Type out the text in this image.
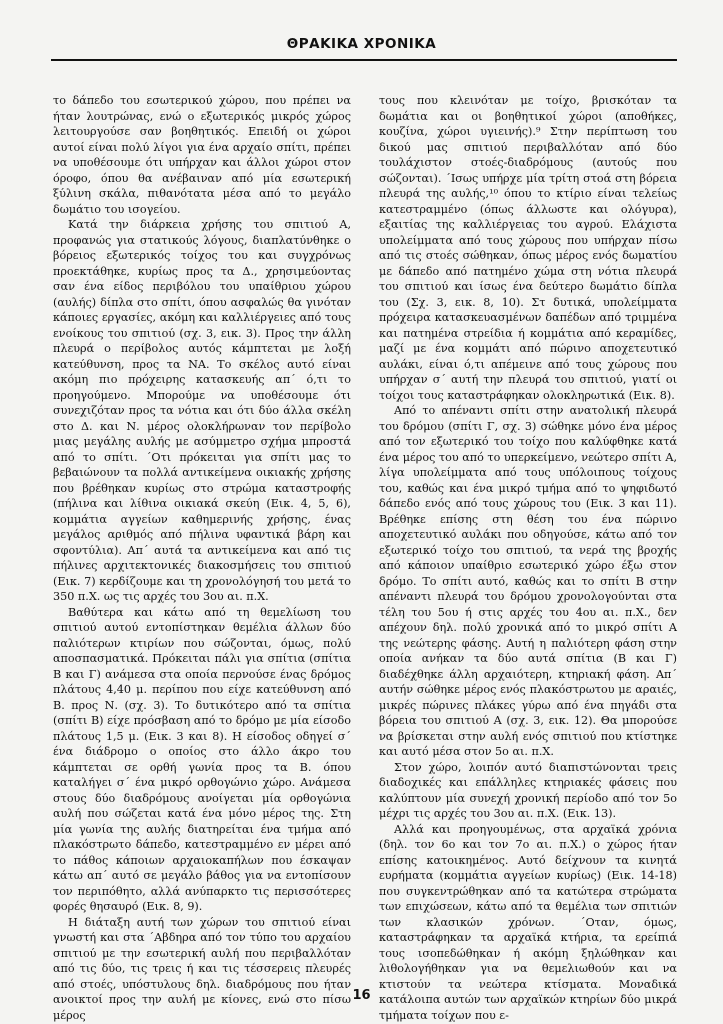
ΘΡΑΚΙΚΑ ΧΡΟΝΙΚΑ

το δάπεδο του εσωτερικού χώρου, που πρέπει να ήταν λουτρώνας, ενώ ο εξωτερικός μικρός χώρος λειτουργούσε σαν βοηθητικός. Επειδή οι χώροι αυτοί είναι πολύ λίγοι για ένα αρχαίο σπίτι, πρέπει να υποθέσουμε ότι υπήρχαν και άλλοι χώροι στον όροφο, όπου θα ανέβαιναν από μία εσωτερική ξύλινη σκάλα, πιθανότατα μέσα από το μεγάλο δωμάτιο του ισογείου.

Κατά την διάρκεια χρήσης του σπιτιού Α, προφανώς για στατικούς λόγους, διαπλατύνθηκε ο βόρειος εξωτερικός τοίχος του και συγχρόνως προεκτάθηκε, κυρίως προς τα Δ., χρησιμεύοντας σαν ένα είδος περιβόλου του υπαίθριου χώρου (αυλής) δίπλα στο σπίτι, όπου ασφαλώς θα γινόταν κάποιες εργασίες, ακόμη και καλλιέργειες από τους ενοίκους του σπιτιού (σχ. 3, εικ. 3). Προς την άλλη πλευρά ο περίβολος αυτός κάμπτεται με λοξή κατεύθυνση, προς τα ΝΑ. Το σκέλος αυτό είναι ακόμη πιο πρόχειρης κατασκευής απ΄ ό,τι το προηγούμενο. Μπορούμε να υποθέσουμε ότι συνεχιζόταν προς τα νότια και ότι δύο άλλα σκέλη στο Δ. και Ν. μέρος ολοκλήρωναν τον περίβολο μιας μεγάλης αυλής με ασύμμετρο σχήμα μπροστά από το σπίτι. ΄Οτι πρόκειται για σπίτι μας το βεβαιώνουν τα πολλά αντικείμενα οικιακής χρήσης που βρέθηκαν κυρίως στο στρώμα καταστροφής (πήλινα και λίθινα οικιακά σκεύη (Εικ. 4, 5, 6), κομμάτια αγγείων καθημερινής χρήσης, ένας μεγάλος αριθμός από πήλινα υφαντικά βάρη και σφοντύλια). Απ΄ αυτά τα αντικείμενα και από τις πήλινες αρχιτεκτονικές διακοσμήσεις του σπιτιού (Εικ. 7) κερδίζουμε και τη χρονολόγησή του μετά το 350 π.Χ. ως τις αρχές του 3ου αι. π.Χ.

Βαθύτερα και κάτω από τη θεμελίωση του σπιτιού αυτού εντοπίστηκαν θεμέλια άλλων δύο παλιότερων κτιρίων που σώζονται, όμως, πολύ αποσπασματικά. Πρόκειται πάλι για σπίτια (σπίτια Β και Γ) ανάμεσα στα οποία περνούσε ένας δρόμος πλάτους 4,40 μ. περίπου που είχε κατεύθυνση από Β. προς Ν. (σχ. 3). Το δυτικότερο από τα σπίτια (σπίτι Β) είχε πρόσβαση από το δρόμο με μία είσοδο πλάτους 1,5 μ. (Εικ. 3 και 8). Η είσοδος οδηγεί σ΄ ένα διάδρομο ο οποίος στο άλλο άκρο του κάμπτεται σε ορθή γωνία προς τα Β. όπου καταλήγει σ΄ ένα μικρό ορθογώνιο χώρο. Ανάμεσα στους δύο διαδρόμους ανοίγεται μία ορθογώνια αυλή που σώζεται κατά ένα μόνο μέρος της. Στη μία γωνία της αυλής διατηρείται ένα τμήμα από πλακόστρωτο δάπεδο, κατεστραμμένο εν μέρει από το πάθος κάποιων αρχαιοκαπήλων που έσκαψαν κάτω απ΄ αυτό σε μεγάλο βάθος για να εντοπίσουν τον περιπόθητο, αλλά ανύπαρκτο τις περισσότερες φορές θησαυρό (Εικ. 8, 9).

Η διάταξη αυτή των χώρων του σπιτιού είναι γνωστή και στα ΄Αβδηρα από τον τύπο του αρχαίου σπιτιού με την εσωτερική αυλή που περιβαλλόταν από τις δύο, τις τρεις ή και τις τέσσερεις πλευρές από στοές, υπόστυλους δηλ. διαδρόμους που ήταν ανοικτοί προς την αυλή με κίονες, ενώ στο πίσω μέρος

τους που κλεινόταν με τοίχο, βρισκόταν τα δωμάτια και οι βοηθητικοί χώροι (αποθήκες, κουζίνα, χώροι υγιεινής).⁹ Στην περίπτωση του δικού μας σπιτιού περιβαλλόταν από δύο τουλάχιστον στοές-διαδρόμους (αυτούς που σώζονται). ΄Ισως υπήρχε μία τρίτη στοά στη βόρεια πλευρά της αυλής,¹⁰ όπου το κτίριο είναι τελείως κατεστραμμένο (όπως άλλωστε και ολόγυρα), εξαιτίας της καλλιέργειας του αγρού. Ελάχιστα υπολείμματα από τους χώρους που υπήρχαν πίσω από τις στοές σώθηκαν, όπως μέρος ενός δωματίου με δάπεδο από πατημένο χώμα στη νότια πλευρά του σπιτιού και ίσως ένα δεύτερο δωμάτιο δίπλα του (Σχ. 3, εικ. 8, 10). Στ δυτικά, υπολείμματα πρόχειρα κατασκευασμένων δαπέδων από τριμμένα και πατημένα στρείδια ή κομμάτια από κεραμίδες, μαζί με ένα κομμάτι από πώρινο αποχετευτικό αυλάκι, είναι ό,τι απέμεινε από τους χώρους που υπήρχαν σ΄ αυτή την πλευρά του σπιτιού, γιατί οι τοίχοι τους καταστράφηκαν ολοκληρωτικά (Εικ. 8).

Από το απέναντι σπίτι στην ανατολική πλευρά του δρόμου (σπίτι Γ, σχ. 3) σώθηκε μόνο ένα μέρος από τον εξωτερικό του τοίχο που καλύφθηκε κατά ένα μέρος του από το υπερκείμενο, νεώτερο σπίτι Α, λίγα υπολείμματα από τους υπόλοιπους τοίχους του, καθώς και ένα μικρό τμήμα από το ψηφιδωτό δάπεδο ενός από τους χώρους του (Εικ. 3 και 11). Βρέθηκε επίσης στη θέση του ένα πώρινο αποχετευτικό αυλάκι που οδηγούσε, κάτω από τον εξωτερικό τοίχο του σπιτιού, τα νερά της βροχής από κάποιον υπαίθριο εσωτερικό χώρο έξω στον δρόμο. Το σπίτι αυτό, καθώς και το σπίτι Β στην απέναντι πλευρά του δρόμου χρονολογούνται στα τέλη του 5ου ή στις αρχές του 4ου αι. π.Χ., δεν απέχουν δηλ. πολύ χρονικά από το μικρό σπίτι Α της νεώτερης φάσης. Αυτή η παλιότερη φάση στην οποία ανήκαν τα δύο αυτά σπίτια (Β και Γ) διαδέχθηκε άλλη αρχαιότερη, κτηριακή φάση. Απ΄ αυτήν σώθηκε μέρος ενός πλακόστρωτου με αραιές, μικρές πώρινες πλάκες γύρω από ένα πηγάδι στα βόρεια του σπιτιού Α (σχ. 3, εικ. 12). Θα μπορούσε να βρίσκεται στην αυλή ενός σπιτιού που κτίστηκε και αυτό μέσα στον 5ο αι. π.Χ.

Στον χώρο, λοιπόν αυτό διαπιστώνονται τρεις διαδοχικές και επάλληλες κτηριακές φάσεις που καλύπτουν μία συνεχή χρονική περίοδο από τον 5ο μέχρι τις αρχές του 3ου αι. π.Χ. (Εικ. 13).

Αλλά και προηγουμένως, στα αρχαϊκά χρόνια (δηλ. τον 6ο και τον 7ο αι. π.Χ.) ο χώρος ήταν επίσης κατοικημένος. Αυτό δείχνουν τα κινητά ευρήματα (κομμάτια αγγείων κυρίως) (Εικ. 14-18) που συγκεντρώθηκαν από τα κατώτερα στρώματα των επιχώσεων, κάτω από τα θεμέλια των σπιτιών των κλασικών χρόνων. ΄Οταν, όμως, καταστράφηκαν τα αρχαϊκά κτήρια, τα ερείπιά τους ισοπεδώθηκαν ή ακόμη ξηλώθηκαν και λιθολογήθηκαν για να θεμελιωθούν και να κτιστούν τα νεώτερα κτίσματα. Μοναδικά κατάλοιπα αυτών των αρχαϊκών κτηρίων δύο μικρά τμήματα τοίχων που ε-

16
